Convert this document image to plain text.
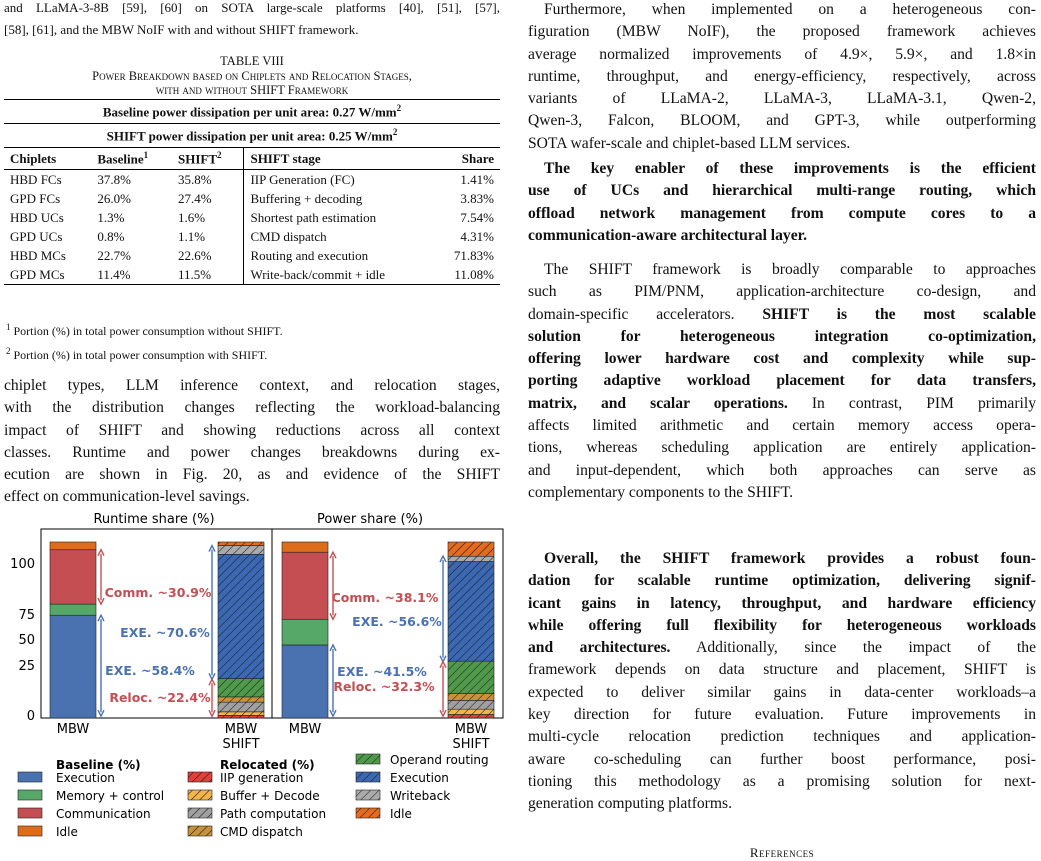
and LLaMA-3-8B [59], [60] on SOTA large-scale platforms [40], [51], [57],
[58], [61], and the MBW NoIF with and without SHIFT framework.
TABLE VIII
Power Breakdown based on Chiplets and Relocation Stages,
with and without SHIFT Framework
Baseline power dissipation per unit area: 0.27 $W/mm^2$
SHIFT power dissipation per unit area: 0.25 $W/mm^2$
Chiplets	Baseline$^1$	SHIFT$^2$	SHIFT stage	Share
HBD FCs	37.8%	35.8%	IIP Generation (FC)	1.41%
GPD FCs	26.0%	27.4%	Buffering + decoding	3.83%
HBD UCs	1.3%	1.6%	Shortest path estimation	7.54%
GPD UCs	0.8%	1.1%	CMD dispatch	4.31%
HBD MCs	22.7%	22.6%	Routing and execution	71.83%
GPD MCs	11.4%	11.5%	Write-back/commit + idle	11.08%
$^1$ Portion (%) in total power consumption without SHIFT.
$^2$ Portion (%) in total power consumption with SHIFT.
chiplet types, LLM inference context, and relocation stages,
with the distribution changes reflecting the workload-balancing
impact of SHIFT and showing reductions across all context
classes. Runtime and power changes breakdowns during ex-
ecution are shown in Fig. 20, as and evidence of the SHIFT
effect on communication-level savings.
Runtime share (%)	Power share (%)
100
75
50
25
0
Comm. ~30.9%
EXE. ~70.6%
EXE. ~58.4%
Reloc. ~22.4%
Comm. ~38.1%
EXE. ~56.6%
EXE. ~41.5%
Reloc. ~32.3%
MBW	MBW
SHIFT
MBW	MBW
SHIFT
Baseline (%)	Relocated (%)
Execution
Memory + control
Communication
Idle
IIP generation
Buffer + Decode
Path computation
CMD dispatch
Operand routing
Execution
Writeback
Idle
Furthermore, when implemented on a heterogeneous con-
figuration (MBW NoIF), the proposed framework achieves
average normalized improvements of 4.9×, 5.9×, and 1.8×in
runtime, throughput, and energy-efficiency, respectively, across
variants of LLaMA-2, LLaMA-3, LLaMA-3.1, Qwen-2,
Qwen-3, Falcon, BLOOM, and GPT-3, while outperforming
SOTA wafer-scale and chiplet-based LLM services.
The key enabler of these improvements is the efficient
use of UCs and hierarchical multi-range routing, which
offload network management from compute cores to a
communication-aware architectural layer.
The SHIFT framework is broadly comparable to approaches
such as PIM/PNM, application-architecture co-design, and
domain-specific accelerators. SHIFT is the most scalable
solution for heterogeneous integration co-optimization,
offering lower hardware cost and complexity while sup-
porting adaptive workload placement for data transfers,
matrix, and scalar operations. In contrast, PIM primarily
affects limited arithmetic and certain memory access opera-
tions, whereas scheduling application are entirely application-
and input-dependent, which both approaches can serve as
complementary components to the SHIFT.
Overall, the SHIFT framework provides a robust foun-
dation for scalable runtime optimization, delivering signif-
icant gains in latency, throughput, and hardware efficiency
while offering full flexibility for heterogeneous workloads
and architectures. Additionally, since the impact of the
framework depends on data structure and placement, SHIFT is
expected to deliver similar gains in data-center workloads–a
key direction for future evaluation. Future improvements in
multi-cycle relocation prediction techniques and application-
aware co-scheduling can further boost performance, posi-
tioning this methodology as a promising solution for next-
generation computing platforms.
References
